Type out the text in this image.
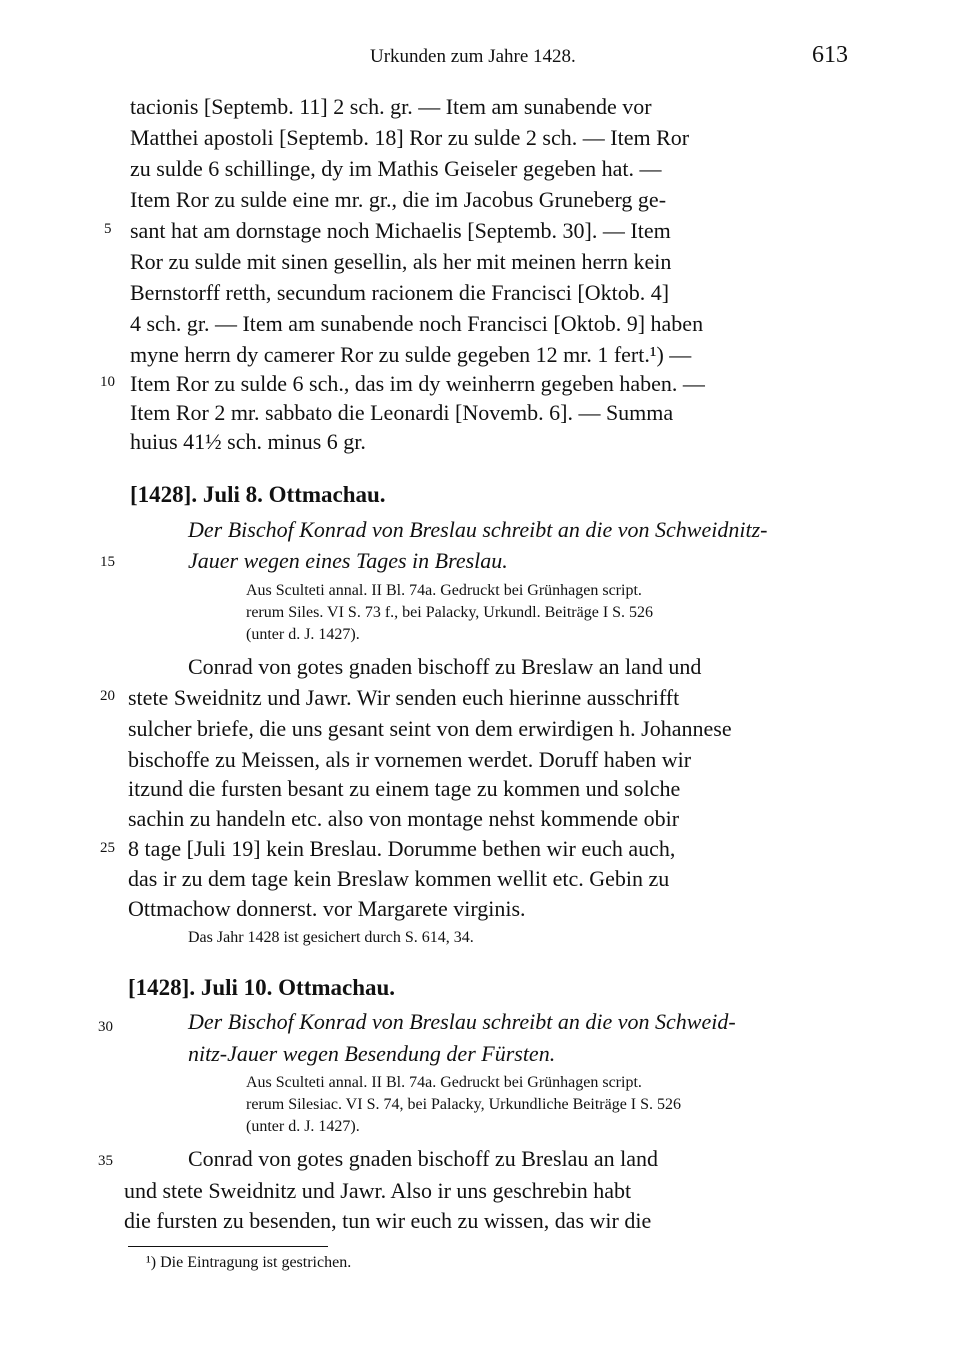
Urkunden zum Jahre 1428.	613
5
10
15
20
25
30
35
tacionis [Septemb. 11] 2 sch. gr. — Item am sunabende vor
Matthei apostoli [Septemb. 18] Ror zu sulde 2 sch. — Item Ror
zu sulde 6 schillinge, dy im Mathis Geiseler gegeben hat. —
Item Ror zu sulde eine mr. gr., die im Jacobus Gruneberg ge-
sant hat am dornstage noch Michaelis [Septemb. 30]. — Item
Ror zu sulde mit sinen gesellin, als her mit meinen herrn kein
Bernstorff retth, secundum racionem die Francisci [Oktob. 4]
4 sch. gr. — Item am sunabende noch Francisci [Oktob. 9] haben
myne herrn dy camerer Ror zu sulde gegeben 12 mr. 1 fert.¹) —
Item Ror zu sulde 6 sch., das im dy weinherrn gegeben haben. —
Item Ror 2 mr. sabbato die Leonardi [Novemb. 6]. — Summa
huius 41½ sch. minus 6 gr.
[1428]. Juli 8. Ottmachau.
Der Bischof Konrad von Breslau schreibt an die von Schweidnitz-
Jauer wegen eines Tages in Breslau.
Aus Sculteti annal. II Bl. 74a. Gedruckt bei Grünhagen script.
rerum Siles. VI S. 73 f., bei Palacky, Urkundl. Beiträge I S. 526
(unter d. J. 1427).
Conrad von gotes gnaden bischoff zu Breslaw an land und
stete Sweidnitz und Jawr. Wir senden euch hierinne ausschrifft
sulcher briefe, die uns gesant seint von dem erwirdigen h. Johannese
bischoffe zu Meissen, als ir vornemen werdet. Doruff haben wir
itzund die fursten besant zu einem tage zu kommen und solche
sachin zu handeln etc. also von montage nehst kommende obir
8 tage [Juli 19] kein Breslau. Dorumme bethen wir euch auch,
das ir zu dem tage kein Breslaw kommen wellit etc. Gebin zu
Ottmachow donnerst. vor Margarete virginis.
Das Jahr 1428 ist gesichert durch S. 614, 34.
[1428]. Juli 10. Ottmachau.
Der Bischof Konrad von Breslau schreibt an die von Schweid-
nitz-Jauer wegen Besendung der Fürsten.
Aus Sculteti annal. II Bl. 74a. Gedruckt bei Grünhagen script.
rerum Silesiac. VI S. 74, bei Palacky, Urkundliche Beiträge I S. 526
(unter d. J. 1427).
Conrad von gotes gnaden bischoff zu Breslau an land
und stete Sweidnitz und Jawr. Also ir uns geschrebin habt
die fursten zu besenden, tun wir euch zu wissen, das wir die
¹) Die Eintragung ist gestrichen.
